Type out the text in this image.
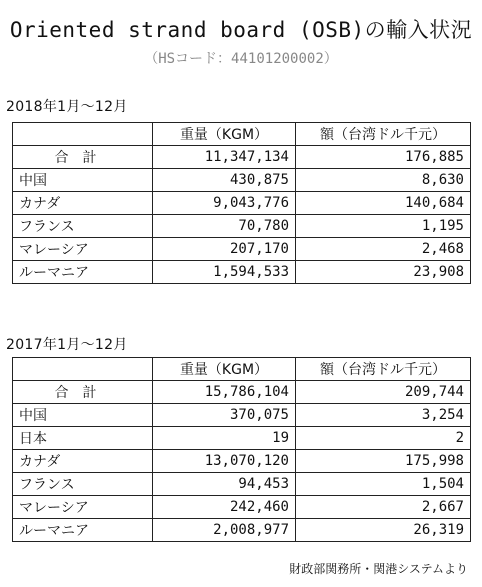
Oriented strand board (OSB)の輸入状況
（HSコード：44101200002）
2018年1月〜12月
	重量（KGM）	額（台湾ドル千元）
合計	11,347,134	176,885
中国	430,875	8,630
カナダ	9,043,776	140,684
フランス	70,780	1,195
マレーシア	207,170	2,468
ルーマニア	1,594,533	23,908
2017年1月〜12月
	重量（KGM）	額（台湾ドル千元）
合計	15,786,104	209,744
中国	370,075	3,254
日本	19	2
カナダ	13,070,120	175,998
フランス	94,453	1,504
マレーシア	242,460	2,667
ルーマニア	2,008,977	26,319
財政部関務所・関港システムより
